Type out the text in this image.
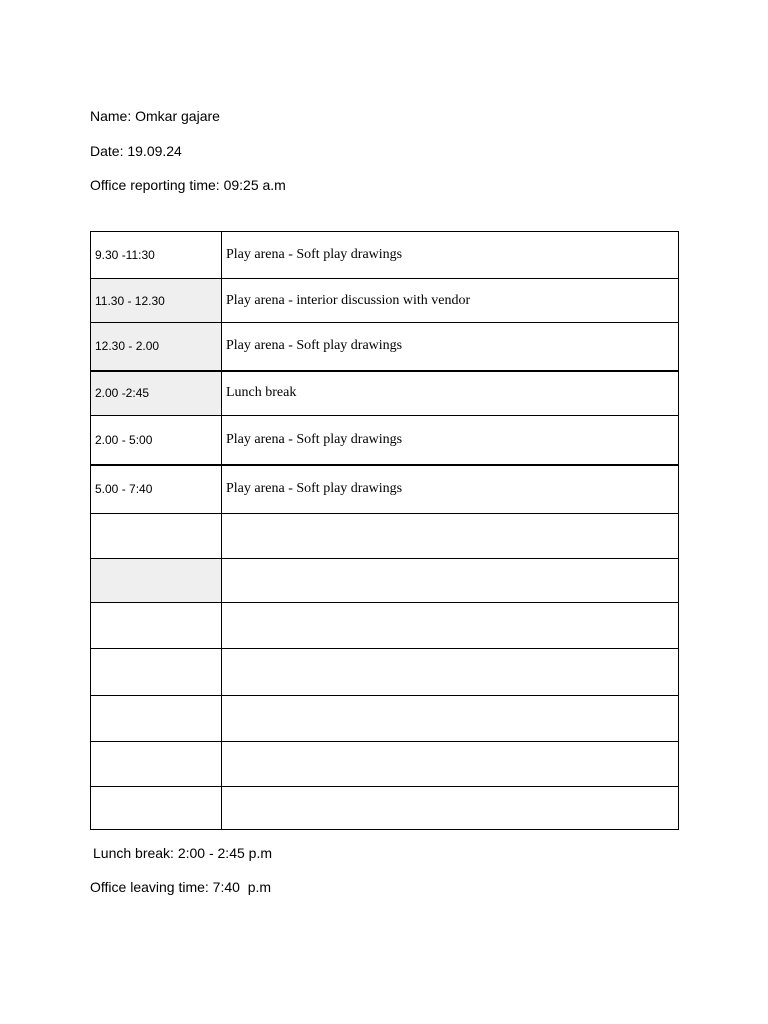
Name: Omkar gajare
Date: 19.09.24
Office reporting time: 09:25 a.m
9.30 -11:30	Play arena - Soft play drawings
11.30 - 12.30	Play arena - interior discussion with vendor
12.30 - 2.00	Play arena - Soft play drawings
2.00 -2:45	Lunch break
2.00 - 5:00	Play arena - Soft play drawings
5.00 - 7:40	Play arena - Soft play drawings

Lunch break: 2:00 - 2:45 p.m
Office leaving time: 7:40  p.m
